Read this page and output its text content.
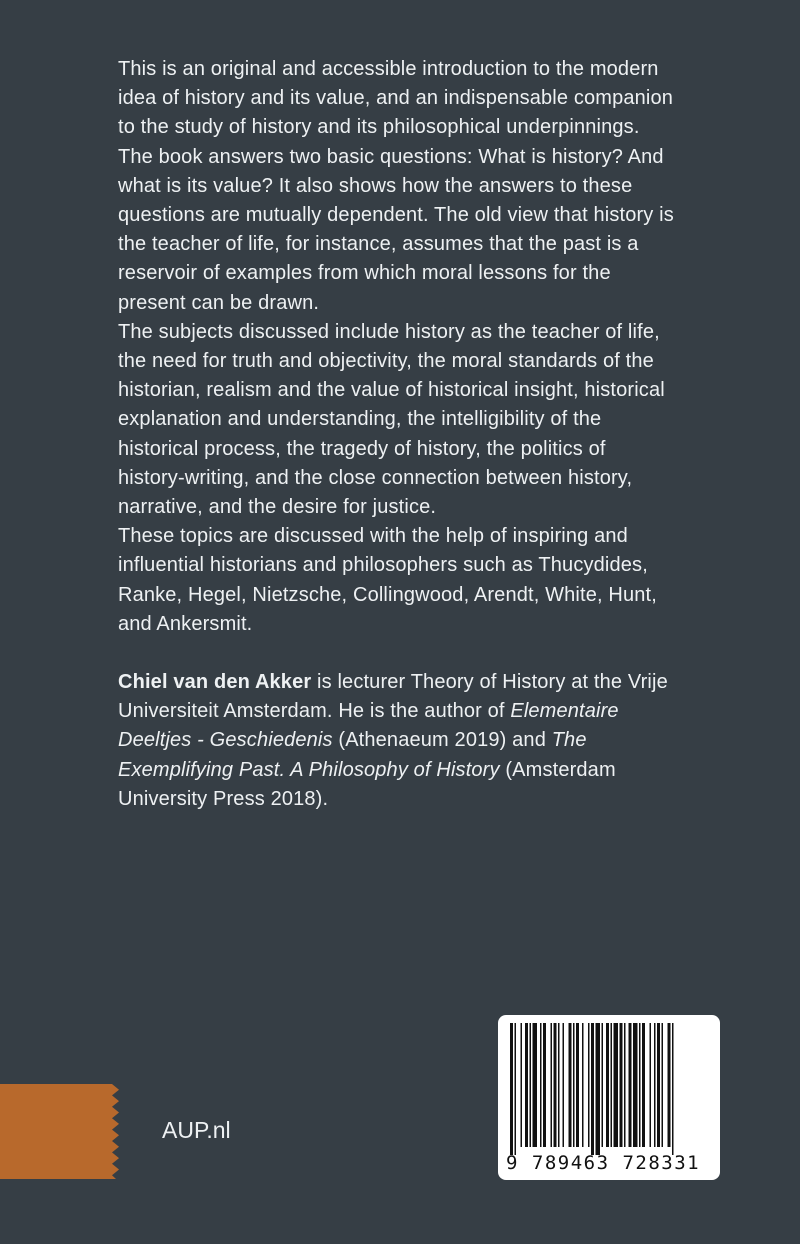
This is an original and accessible introduction to the modern idea of history and its value, and an indispensable companion to the study of history and its philosophical underpinnings.

The book answers two basic questions: What is history? And what is its value? It also shows how the answers to these questions are mutually dependent. The old view that history is the teacher of life, for instance, assumes that the past is a reservoir of examples from which moral lessons for the present can be drawn.

The subjects discussed include history as the teacher of life, the need for truth and objectivity, the moral standards of the historian, realism and the value of historical insight, historical explanation and understanding, the intelligibility of the historical process, the tragedy of history, the politics of history-writing, and the close connection between history, narrative, and the desire for justice.

These topics are discussed with the help of inspiring and influential historians and philosophers such as Thucydides, Ranke, Hegel, Nietzsche, Collingwood, Arendt, White, Hunt, and Ankersmit.

Chiel van den Akker is lecturer Theory of History at the Vrije Universiteit Amsterdam. He is the author of Elementaire Deeltjes - Geschiedenis (Athenaeum 2019) and The Exemplifying Past. A Philosophy of History (Amsterdam University Press 2018).

AUP.nl
9 789463 728331
